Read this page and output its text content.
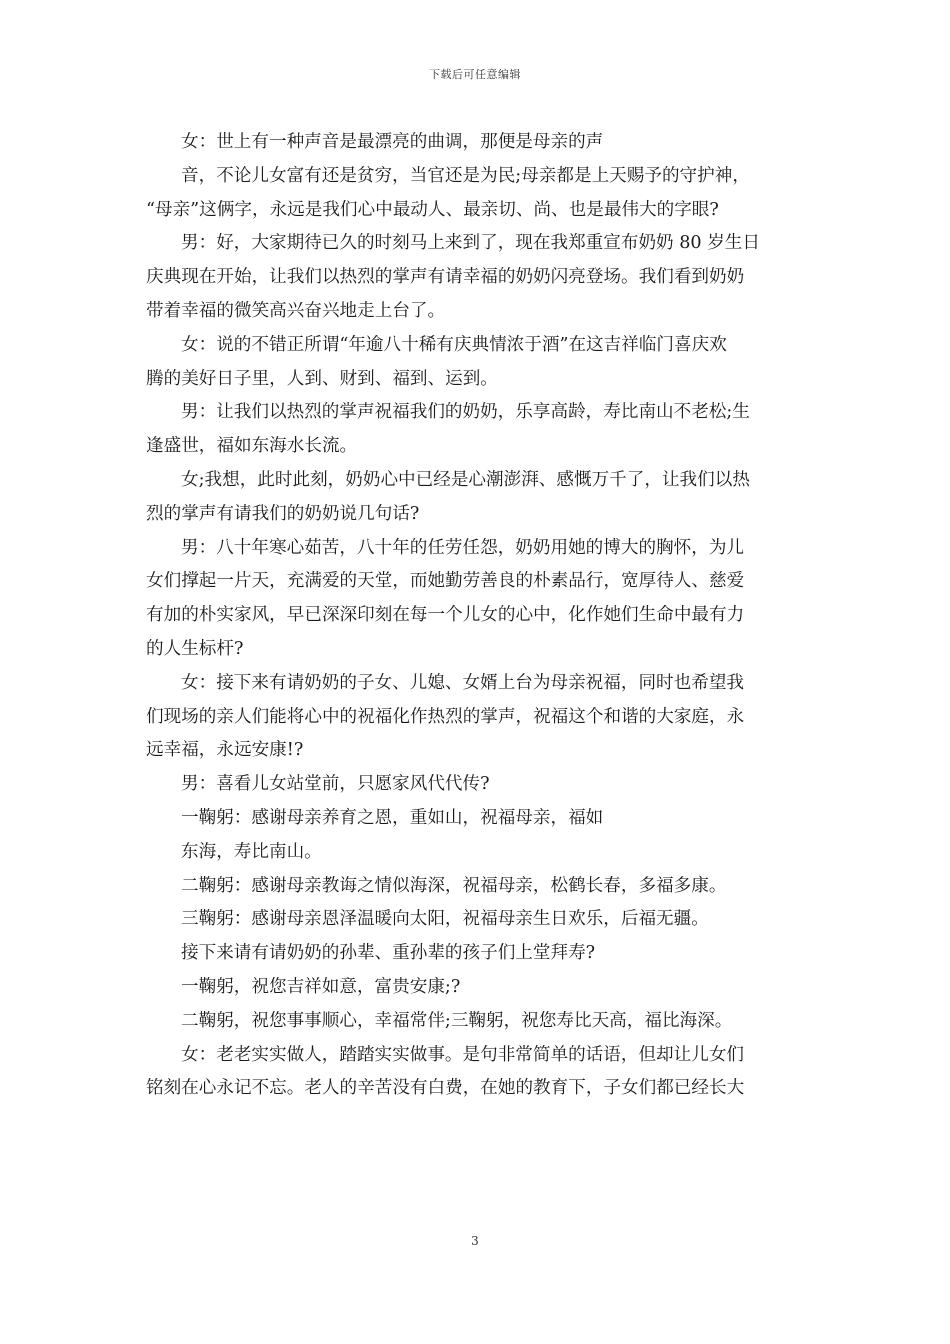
下载后可任意编辑

女：世上有一种声音是最漂亮的曲调，那便是母亲的声

音，不论儿女富有还是贫穷，当官还是为民;母亲都是上天赐予的守护神，

“母亲”这俩字，永远是我们心中最动人、最亲切、尚、也是最伟大的字眼?

男：好，大家期待已久的时刻马上来到了，现在我郑重宣布奶奶 80 岁生日

庆典现在开始，让我们以热烈的掌声有请幸福的奶奶闪亮登场。我们看到奶奶

带着幸福的微笑高兴奋兴地走上台了。

女：说的不错正所谓“年逾八十稀有庆典情浓于酒”在这吉祥临门喜庆欢

腾的美好日子里，人到、财到、福到、运到。

男：让我们以热烈的掌声祝福我们的奶奶，乐享高龄，寿比南山不老松;生

逢盛世，福如东海水长流。

女;我想，此时此刻，奶奶心中已经是心潮澎湃、感慨万千了，让我们以热

烈的掌声有请我们的奶奶说几句话?

男：八十年寒心茹苦，八十年的任劳任怨，奶奶用她的博大的胸怀，为儿

女们撑起一片天，充满爱的天堂，而她勤劳善良的朴素品行，宽厚待人、慈爱

有加的朴实家风，早已深深印刻在每一个儿女的心中，化作她们生命中最有力

的人生标杆?

女：接下来有请奶奶的子女、儿媳、女婿上台为母亲祝福，同时也希望我

们现场的亲人们能将心中的祝福化作热烈的掌声，祝福这个和谐的大家庭，永

远幸福，永远安康!?

男：喜看儿女站堂前，只愿家风代代传?

一鞠躬：感谢母亲养育之恩，重如山，祝福母亲，福如

东海，寿比南山。

二鞠躬：感谢母亲教诲之情似海深，祝福母亲，松鹤长春，多福多康。

三鞠躬：感谢母亲恩泽温暖向太阳，祝福母亲生日欢乐，后福无疆。

接下来请有请奶奶的孙辈、重孙辈的孩子们上堂拜寿?

一鞠躬，祝您吉祥如意，富贵安康;?

二鞠躬，祝您事事顺心，幸福常伴;三鞠躬，祝您寿比天高，福比海深。

女：老老实实做人，踏踏实实做事。是句非常简单的话语，但却让儿女们

铭刻在心永记不忘。老人的辛苦没有白费，在她的教育下，子女们都已经长大

3
